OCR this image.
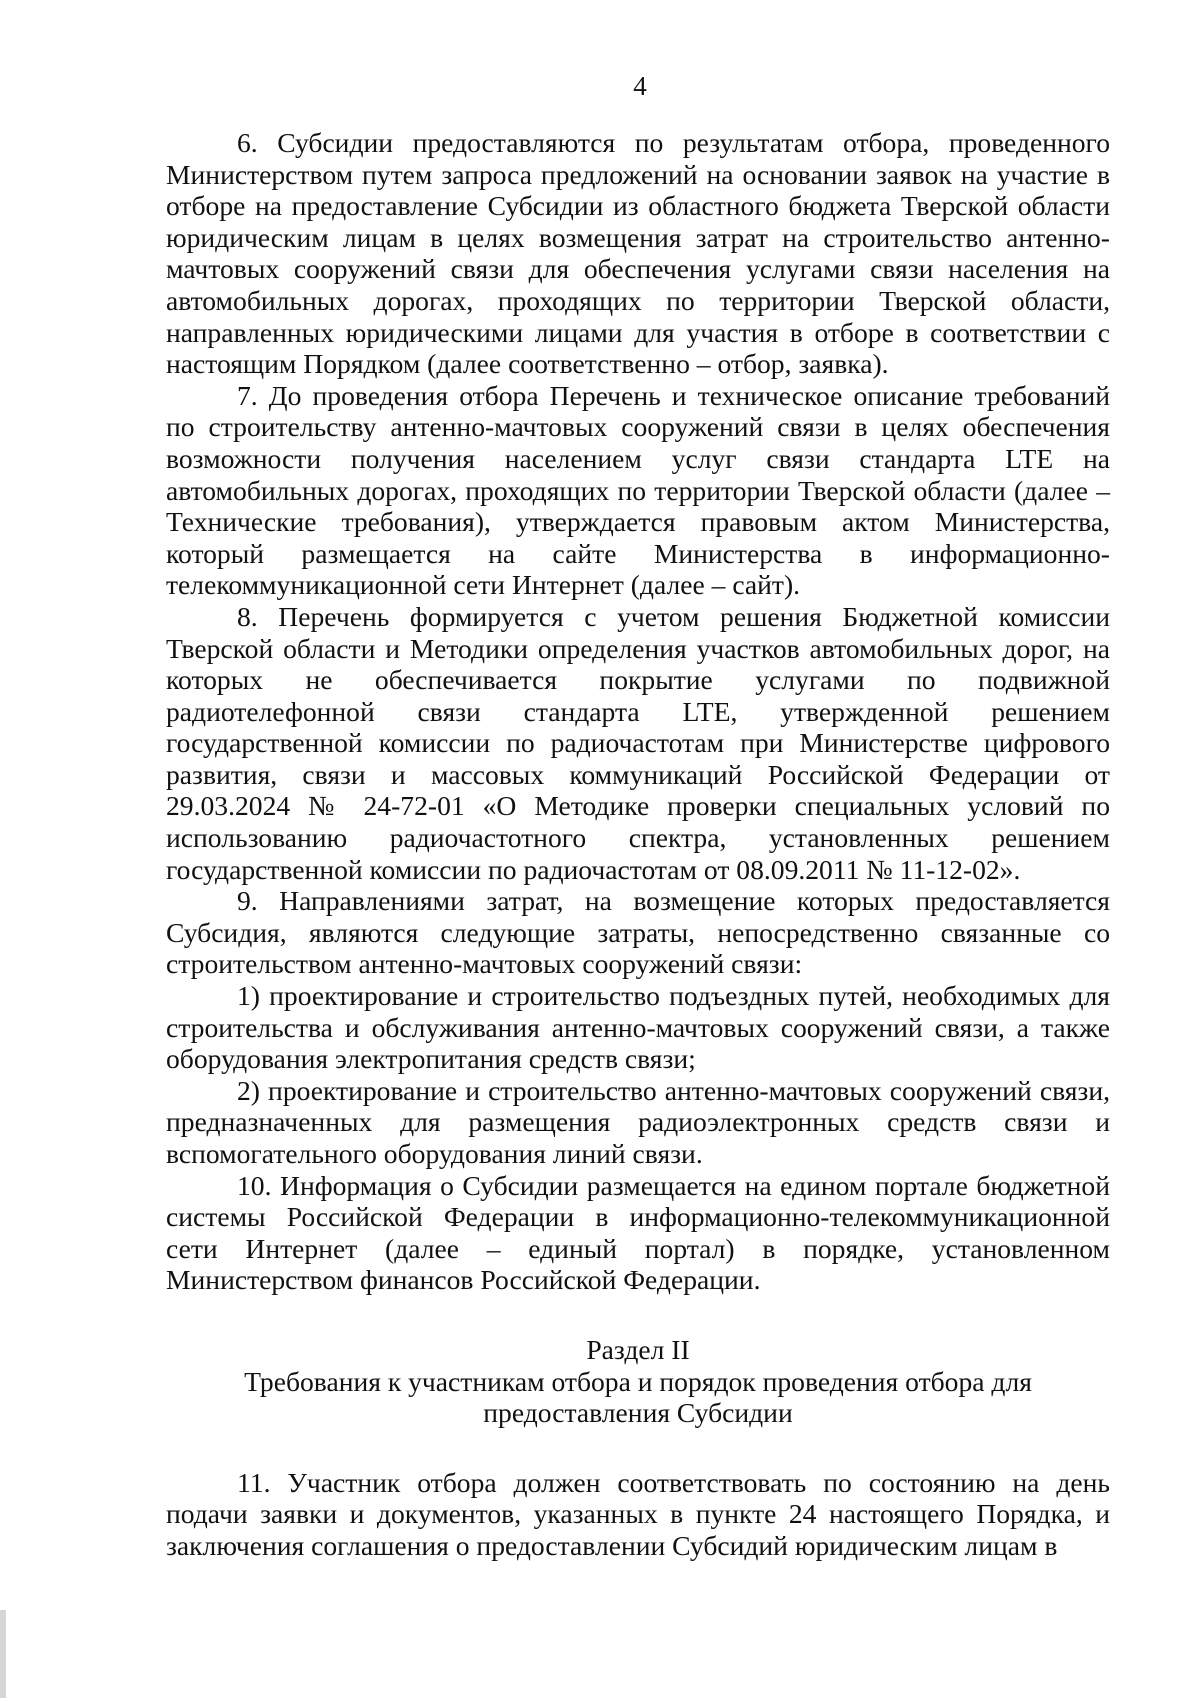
4

6. Субсидии предоставляются по результатам отбора, проведенного Министерством путем запроса предложений на основании заявок на участие в отборе на предоставление Субсидии из областного бюджета Тверской области юридическим лицам в целях возмещения затрат на строительство антенно-мачтовых сооружений связи для обеспечения услугами связи населения на автомобильных дорогах, проходящих по территории Тверской области, направленных юридическими лицами для участия в отборе в соответствии с настоящим Порядком (далее соответственно – отбор, заявка).

7. До проведения отбора Перечень и техническое описание требований по строительству антенно-мачтовых сооружений связи в целях обеспечения возможности получения населением услуг связи стандарта LTE на автомобильных дорогах, проходящих по территории Тверской области (далее – Технические требования), утверждается правовым актом Министерства, который размещается на сайте Министерства в информационно-телекоммуникационной сети Интернет (далее – сайт).

8. Перечень формируется с учетом решения Бюджетной комиссии Тверской области и Методики определения участков автомобильных дорог, на которых не обеспечивается покрытие услугами по подвижной радиотелефонной связи стандарта LTE, утвержденной решением государственной комиссии по радиочастотам при Министерстве цифрового развития, связи и массовых коммуникаций Российской Федерации от 29.03.2024 № 24-72-01 «О Методике проверки специальных условий по использованию радиочастотного спектра, установленных решением государственной комиссии по радиочастотам от 08.09.2011 № 11-12-02».

9. Направлениями затрат, на возмещение которых предоставляется Субсидия, являются следующие затраты, непосредственно связанные со строительством антенно-мачтовых сооружений связи:

1) проектирование и строительство подъездных путей, необходимых для строительства и обслуживания антенно-мачтовых сооружений связи, а также оборудования электропитания средств связи;

2) проектирование и строительство антенно-мачтовых сооружений связи, предназначенных для размещения радиоэлектронных средств связи и вспомогательного оборудования линий связи.

10. Информация о Субсидии размещается на едином портале бюджетной системы Российской Федерации в информационно-телекоммуникационной сети Интернет (далее – единый портал) в порядке, установленном Министерством финансов Российской Федерации.

Раздел II

Требования к участникам отбора и порядок проведения отбора для предоставления Субсидии

11. Участник отбора должен соответствовать по состоянию на день подачи заявки и документов, указанных в пункте 24 настоящего Порядка, и заключения соглашения о предоставлении Субсидий юридическим лицам в
